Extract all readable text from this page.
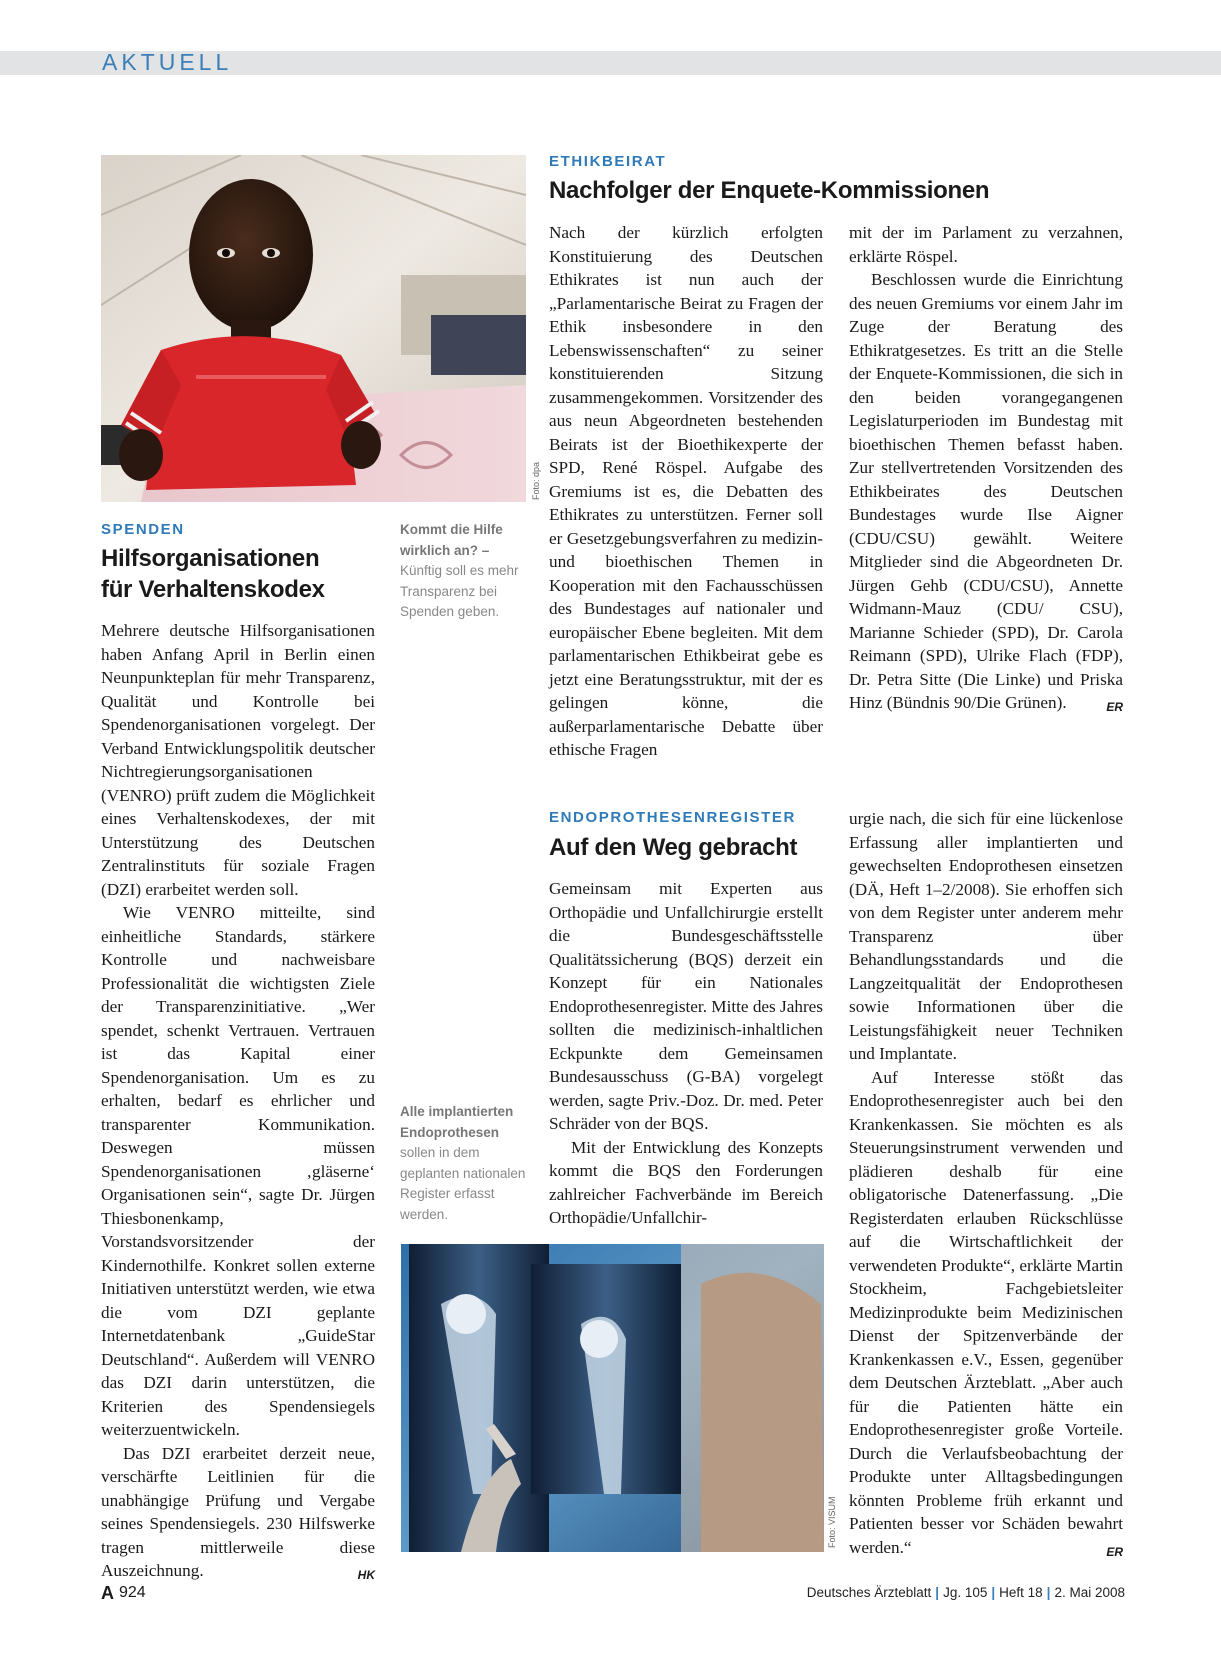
AKTUELL
Foto: dpa
SPENDEN
Hilfsorganisationen
für Verhaltenskodex

Mehrere deutsche Hilfsorganisationen haben Anfang April in Berlin einen Neunpunkteplan für mehr Transparenz, Qualität und Kontrolle bei Spendenorganisationen vorgelegt. Der Verband Entwicklungspolitik deutscher Nichtregierungsorganisationen (VENRO) prüft zudem die Möglichkeit eines Verhaltenskodexes, der mit Unterstützung des Deutschen Zentralinstituts für soziale Fragen (DZI) erarbeitet werden soll.

Wie VENRO mitteilte, sind einheitliche Standards, stärkere Kontrolle und nachweisbare Professionalität die wichtigsten Ziele der Transparenzinitiative. „Wer spendet, schenkt Vertrauen. Vertrauen ist das Kapital einer Spendenorganisation. Um es zu erhalten, bedarf es ehrlicher und transparenter Kommunikation. Deswegen müssen Spendenorganisationen ‚gläserne‘ Organisationen sein“, sagte Dr. Jürgen Thiesbonenkamp, Vorstandsvorsitzender der Kindernothilfe. Konkret sollen externe Initiativen unterstützt werden, wie etwa die vom DZI geplante Internetdatenbank „GuideStar Deutschland“. Außerdem will VENRO das DZI darin unterstützen, die Kriterien des Spendensiegels weiterzuentwickeln.

Das DZI erarbeitet derzeit neue, verschärfte Leitlinien für die unabhängige Prüfung und Vergabe seines Spendensiegels. 230 Hilfswerke tragen mittlerweile diese Auszeichnung.	HK

Kommt die Hilfe wirklich an? –
Künftig soll es mehr Transparenz bei Spenden geben.
ETHIKBEIRAT
Nachfolger der Enquete-Kommissionen

Nach der kürzlich erfolgten Konstituierung des Deutschen Ethikrates ist nun auch der „Parlamentarische Beirat zu Fragen der Ethik insbesondere in den Lebenswissenschaften“ zu seiner konstituierenden Sitzung zusammengekommen. Vorsitzender des aus neun Abgeordneten bestehenden Beirats ist der Bioethikexperte der SPD, René Röspel. Aufgabe des Gremiums ist es, die Debatten des Ethikrates zu unterstützen. Ferner soll er Gesetzgebungsverfahren zu medizin- und bioethischen Themen in Kooperation mit den Fachausschüssen des Bundestages auf nationaler und europäischer Ebene begleiten. Mit dem parlamentarischen Ethikbeirat gebe es jetzt eine Beratungsstruktur, mit der es gelingen könne, die außerparlamentarische Debatte über ethische Fragen

mit der im Parlament zu verzahnen, erklärte Röspel.

Beschlossen wurde die Einrichtung des neuen Gremiums vor einem Jahr im Zuge der Beratung des Ethikratgesetzes. Es tritt an die Stelle der Enquete-Kommissionen, die sich in den beiden vorangegangenen Legislaturperioden im Bundestag mit bioethischen Themen befasst haben. Zur stellvertretenden Vorsitzenden des Ethikbeirates des Deutschen Bundestages wurde Ilse Aigner (CDU/CSU) gewählt. Weitere Mitglieder sind die Abgeordneten Dr. Jürgen Gehb (CDU/CSU), Annette Widmann-Mauz (CDU/ CSU), Marianne Schieder (SPD), Dr. Carola Reimann (SPD), Ulrike Flach (FDP), Dr. Petra Sitte (Die Linke) und Priska Hinz (Bündnis 90/Die Grünen).	ER

ENDOPROTHESENREGISTER
Auf den Weg gebracht

Gemeinsam mit Experten aus Orthopädie und Unfallchirurgie erstellt die Bundesgeschäftsstelle Qualitätssicherung (BQS) derzeit ein Konzept für ein Nationales Endoprothesenregister. Mitte des Jahres sollten die medizinisch-inhaltlichen Eckpunkte dem Gemeinsamen Bundesausschuss (G-BA) vorgelegt werden, sagte Priv.-Doz. Dr. med. Peter Schräder von der BQS.

Mit der Entwicklung des Konzepts kommt die BQS den Forderungen zahlreicher Fachverbände im Bereich Orthopädie/Unfallchir-

urgie nach, die sich für eine lückenlose Erfassung aller implantierten und gewechselten Endoprothesen einsetzen (DÄ, Heft 1–2/2008). Sie erhoffen sich von dem Register unter anderem mehr Transparenz über Behandlungsstandards und die Langzeitqualität der Endoprothesen sowie Informationen über die Leistungsfähigkeit neuer Techniken und Implantate.

Auf Interesse stößt das Endoprothesenregister auch bei den Krankenkassen. Sie möchten es als Steuerungsinstrument verwenden und plädieren deshalb für eine obligatorische Datenerfassung. „Die Registerdaten erlauben Rückschlüsse auf die Wirtschaftlichkeit der verwendeten Produkte“, erklärte Martin Stockheim, Fachgebietsleiter Medizinprodukte beim Medizinischen Dienst der Spitzenverbände der Krankenkassen e.V., Essen, gegenüber dem Deutschen Ärzteblatt. „Aber auch für die Patienten hätte ein Endoprothesenregister große Vorteile. Durch die Verlaufsbeobachtung der Produkte unter Alltagsbedingungen könnten Probleme früh erkannt und Patienten besser vor Schäden bewahrt werden.“	ER

Alle implantierten Endoprothesen
sollen in dem geplanten nationalen Register erfasst werden.
Foto: VISUM
A 924	Deutsches Ärzteblatt | Jg. 105 | Heft 18 | 2. Mai 2008
